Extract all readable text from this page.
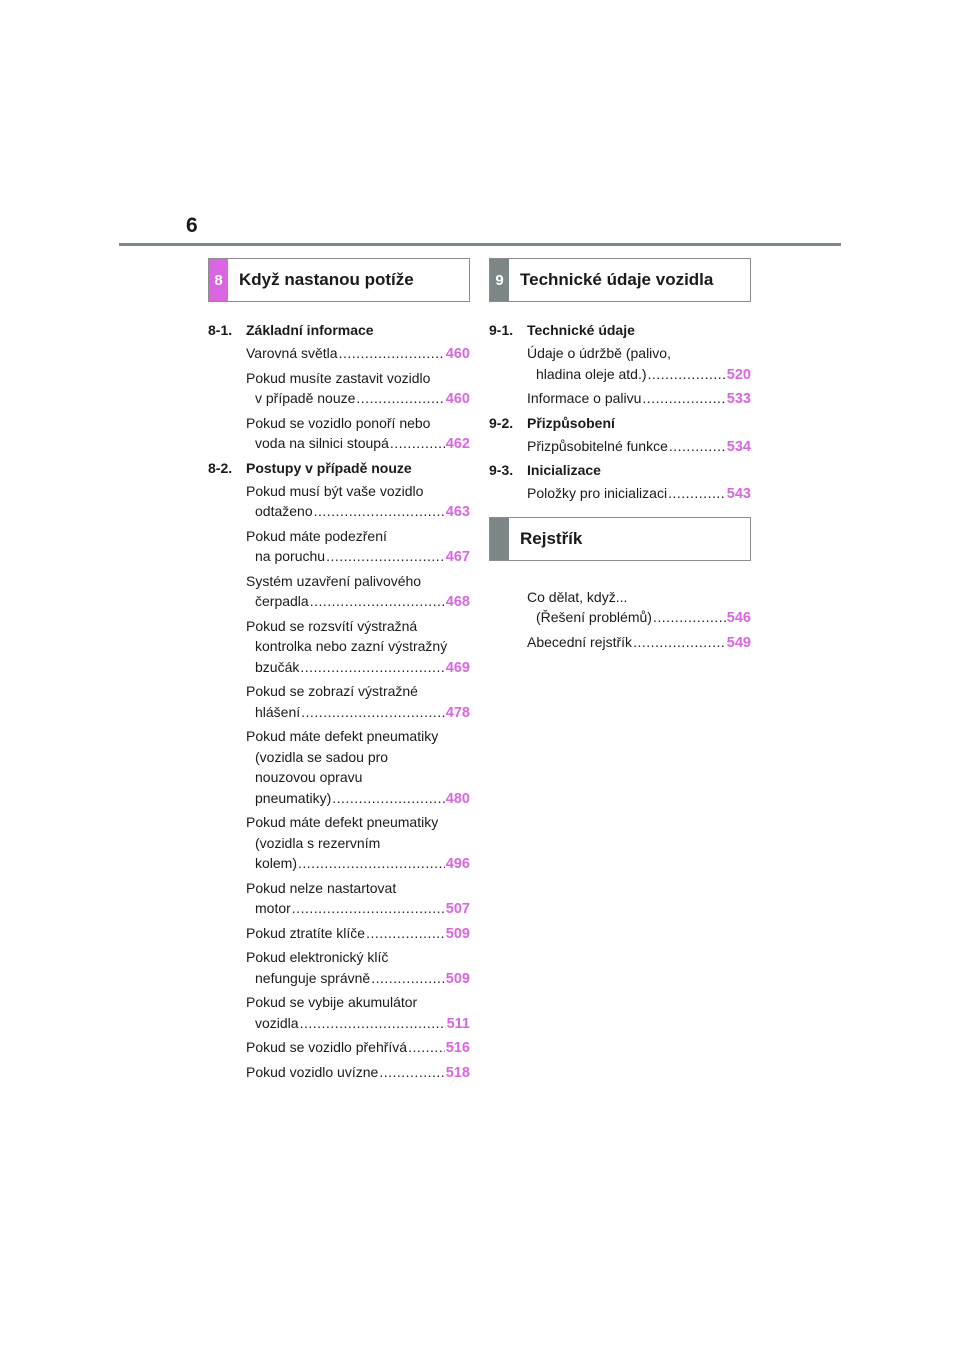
6
8 Když nastanou potíže
8-1. Základní informace
Varovná světla .....	460
Pokud musíte zastavit vozidlo
v případě nouze .....	460
Pokud se vozidlo ponoří nebo
voda na silnici stoupá .....	462
8-2. Postupy v případě nouze
Pokud musí být vaše vozidlo
odtaženo .....	463
Pokud máte podezření
na poruchu .....	467
Systém uzavření palivového
čerpadla .....	468
Pokud se rozsvítí výstražná
kontrolka nebo zazní výstražný
bzučák .....	469
Pokud se zobrazí výstražné
hlášení .....	478
Pokud máte defekt pneumatiky
(vozidla se sadou pro
nouzovou opravu
pneumatiky) .....	480
Pokud máte defekt pneumatiky
(vozidla s rezervním
kolem) .....	496
Pokud nelze nastartovat
motor .....	507
Pokud ztratíte klíče .....	509
Pokud elektronický klíč
nefunguje správně .....	509
Pokud se vybije akumulátor
vozidla .....	511
Pokud se vozidlo přehřívá .....	516
Pokud vozidlo uvízne .....	518
9 Technické údaje vozidla
9-1. Technické údaje
Údaje o údržbě (palivo,
hladina oleje atd.) .....	520
Informace o palivu .....	533
9-2. Přizpůsobení
Přizpůsobitelné funkce .....	534
9-3. Inicializace
Položky pro inicializaci .....	543
Rejstřík
Co dělat, když...
(Řešení problémů) .....	546
Abecední rejstřík .....	549
